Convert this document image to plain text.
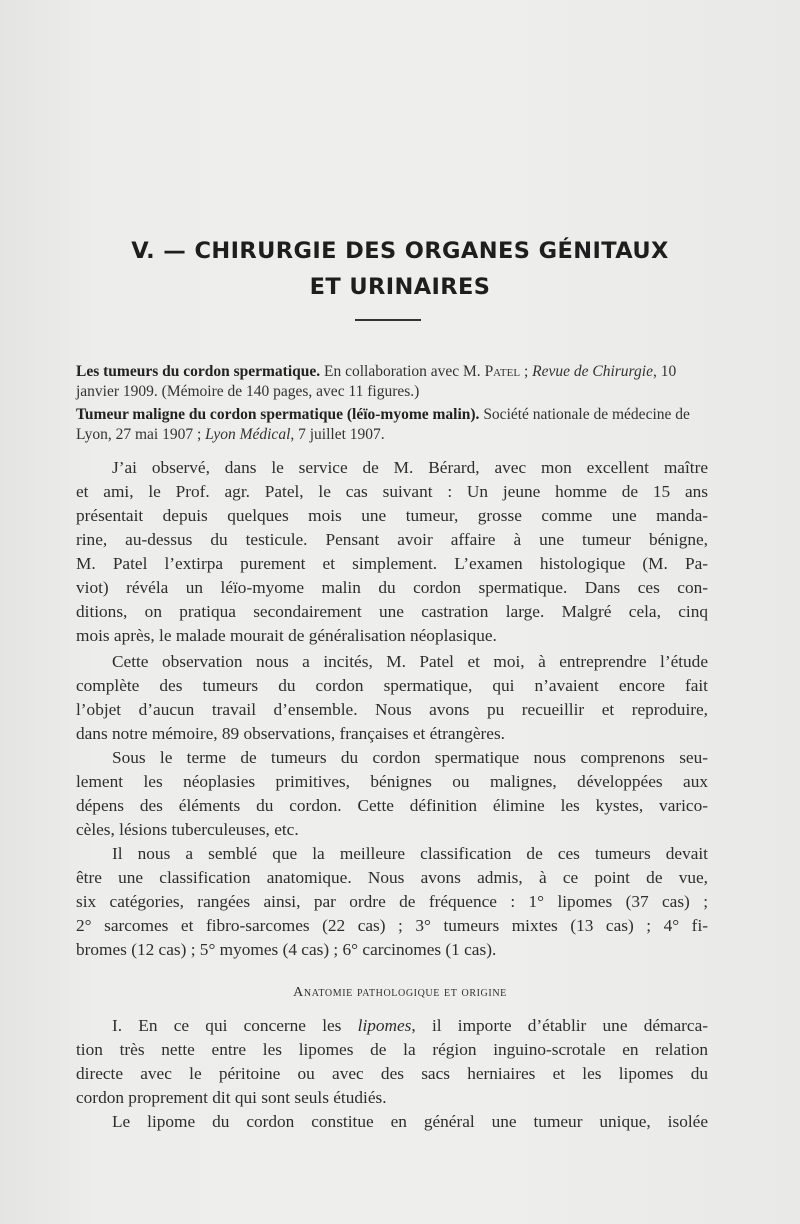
V. — CHIRURGIE DES ORGANES GÉNITAUX
ET URINAIRES
Les tumeurs du cordon spermatique. En collaboration avec M. Patel ; Revue de Chirurgie, 10 janvier 1909. (Mémoire de 140 pages, avec 11 figures.)
Tumeur maligne du cordon spermatique (léïo-myome malin). Société nationale de médecine de Lyon, 27 mai 1907 ; Lyon Médical, 7 juillet 1907.
J’ai observé, dans le service de M. Bérard, avec mon excellent maître
et ami, le Prof. agr. Patel, le cas suivant : Un jeune homme de 15 ans
présentait depuis quelques mois une tumeur, grosse comme une manda-
rine, au-dessus du testicule. Pensant avoir affaire à une tumeur bénigne,
M. Patel l’extirpa purement et simplement. L’examen histologique (M. Pa-
viot) révéla un léïo-myome malin du cordon spermatique. Dans ces con-
ditions, on pratiqua secondairement une castration large. Malgré cela, cinq
mois après, le malade mourait de généralisation néoplasique.
Cette observation nous a incités, M. Patel et moi, à entreprendre l’étude
complète des tumeurs du cordon spermatique, qui n’avaient encore fait
l’objet d’aucun travail d’ensemble. Nous avons pu recueillir et reproduire,
dans notre mémoire, 89 observations, françaises et étrangères.
Sous le terme de tumeurs du cordon spermatique nous comprenons seu-
lement les néoplasies primitives, bénignes ou malignes, développées aux
dépens des éléments du cordon. Cette définition élimine les kystes, varico-
cèles, lésions tuberculeuses, etc.
Il nous a semblé que la meilleure classification de ces tumeurs devait
être une classification anatomique. Nous avons admis, à ce point de vue,
six catégories, rangées ainsi, par ordre de fréquence : 1° lipomes (37 cas) ;
2° sarcomes et fibro-sarcomes (22 cas) ; 3° tumeurs mixtes (13 cas) ; 4° fi-
bromes (12 cas) ; 5° myomes (4 cas) ; 6° carcinomes (1 cas).
Anatomie pathologique et origine
I. En ce qui concerne les lipomes, il importe d’établir une démarca-
tion très nette entre les lipomes de la région inguino-scrotale en relation
directe avec le péritoine ou avec des sacs herniaires et les lipomes du
cordon proprement dit qui sont seuls étudiés.
Le lipome du cordon constitue en général une tumeur unique, isolée
